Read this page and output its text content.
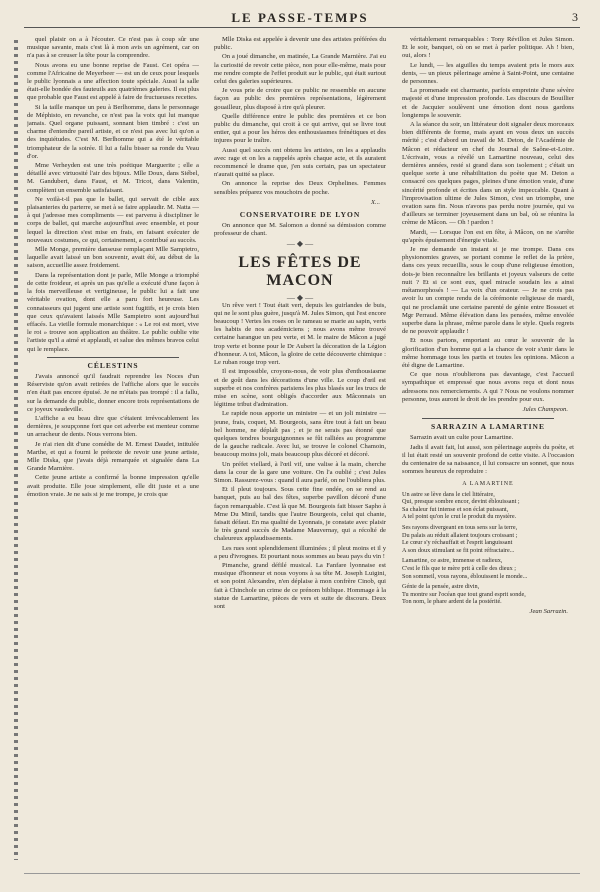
LE PASSE-TEMPS	3

quel plaisir on a à l'écouter. Ce n'est pas à coup sûr une musique savante, mais c'est là à mon avis un agrément, car on n'a pas à se creuser la tête pour la comprendre.

Nous avons eu une bonne reprise de Faust. Cet opéra — comme l'Africaine de Meyerbeer — est un de ceux pour lesquels le public lyonnais a une affection toute spéciale. Aussi la salle était-elle bondée des fauteuils aux quatrièmes galeries. Il est plus que probable que Faust est appelé à faire de fructueuses recettes.

Si la taille manque un peu à Berlhomme, dans le personnage de Méphisto, en revanche, ce n'est pas la voix qui lui manque jamais. Quel organe puissant, sonnant bien timbré : c'est un charme d'entendre pareil artiste, et ce n'est pas avec lui qu'on a des inquiétudes. C'est M. Berlhomme qui a été le véritable triomphateur de la soirée. Il lui a fallu bisser sa ronde du Veau d'or.

Mme Verheyden est une très poétique Marguerite ; elle a détaillé avec virtuosité l'air des bijoux. Mlle Doux, dans Siébel, M. Gandubert, dans Faust, et M. Tricot, dans Valentin, complètent un ensemble satisfaisant.

Ne voilà-t-il pas que le ballet, qui servait de cible aux plaisanteries du parterre, se met à se faire applaudir. M. Natta — à qui j'adresse mes compliments — est parvenu à discipliner le corps de ballet, qui marche aujourd'hui avec ensemble, et pour lequel la direction s'est mise en frais, en faisant exécuter de nouveaux costumes, ce qui, certainement, a contribué au succès.

Mlle Monge, première danseuse remplaçant Mlle Sampietro, laquelle avait laissé un bon souvenir, avait été, au début de la saison, accueillie assez froidement.

Dans la représentation dont je parle, Mlle Monge a triomphé de cette froideur, et après un pas qu'elle a exécuté d'une façon à la fois merveilleuse et vertigineuse, le public lui a fait une véritable ovation, dont elle a paru fort heureuse. Les connaisseurs qui jugent une artiste sont fugitifs, et je crois bien que ceux qu'avaient laissés Mlle Sampietro sont aujourd'hui effacés. La vieille formule monarchique : « Le roi est mort, vive le roi » trouve son application au théâtre. Le public oublie vite l'artiste qu'il a aimé et applaudi, et salue des mêmes bravos celui qui le remplace.

CÉLESTINS

J'avais annoncé qu'il faudrait reprendre les Noces d'un Réserviste qu'on avait retirées de l'affiche alors que le succès n'en était pas encore épuisé. Je ne m'étais pas trompé : il a fallu, sur la demande du public, donner encore trois représentations de ce joyeux vaudeville.

L'affiche a eu beau dire que c'étaient irrévocablement les dernières, je soupçonne fort que cet adverbe est menteur comme un arracheur de dents. Nous verrons bien.

Je n'ai rien dit d'une comédie de M. Ernest Daudet, intitulée Marthe, et qui a fourni le prétexte de revoir une jeune artiste, Mlle Diska, que j'avais déjà remarquée et signalée dans La Grande Marnière.

Cette jeune artiste a confirmé la bonne impression qu'elle avait produite. Elle joue simplement, elle dit juste et a une émotion vraie. Je ne sais si je me trompe, je crois que

Mlle Diska est appelée à devenir une des artistes préférées du public.

On a joué dimanche, en matinée, La Grande Marnière. J'ai eu la curiosité de revoir cette pièce, non pour elle-même, mais pour me rendre compte de l'effet produit sur le public, qui était surtout celui des galeries supérieures.

Je vous prie de croire que ce public ne ressemble en aucune façon au public des premières représentations, légèrement gouailleur, plus disposé à rire qu'à pleurer.

Quelle différence entre le public des premières et ce bon public du dimanche, qui croit à ce qui arrive, qui se livre tout entier, qui a pour les héros des enthousiasmes frénétiques et des injures pour le traître.

Aussi quel succès ont obtenu les artistes, on les a applaudis avec rage et on les a rappelés après chaque acte, et ils auraient recommencé le drame que, j'en suis certain, pas un spectateur n'aurait quitté sa place.

On annonce la reprise des Deux Orphelines. Femmes sensibles préparez vos mouchoirs de poche.

X...
CONSERVATOIRE DE LYON

On annonce que M. Salomon a donné sa démission comme professeur de chant.

— ◆ —
LES FÊTES DE MACON
— ◆ —

Un rêve vert ! Tout était vert, depuis les guirlandes de buis, qui ne le sont plus guère, jusqu'à M. Jules Simon, qui l'est encore beaucoup ! Vertes les roses on le rameau se marie au sapin, verts les habits de nos académiciens ; nous avons même trouvé certaine harangue un peu verte, et M. le maire de Mâcon a jugé trop verte et bonne pour le Dr Aubert la décoration de la Légion d'honneur. A toi, Mâcon, la gloire de cette découverte chimique : Le ruban rouge trop vert.

Il est impossible, croyons-nous, de voir plus d'enthousiasme et de goût dans les décorations d'une ville. Le coup d'œil est superbe et nos confrères parisiens les plus blasés sur les trucs de mise en scène, sont obligés d'accorder aux Mâconnais un légitime tribut d'admiration.

Le rapide nous apporte un ministre — et un joli ministre — jeune, frais, coquet, M. Bourgeois, sans être tout à fait un beau bel homme, ne déplaît pas ; et je ne serais pas étonné que quelques tendres bourguignonnes se fût ralliées au programme de la gauche radicale. Avec lui, se trouve le colonel Chamoin, beaucoup moins joli, mais beaucoup plus décoré et décoré.

Un préfet viellard, à l'œil vif, une valise à la main, cherche dans la cour de la gare une voiture. On l'a oublié ; c'est Jules Simon. Rassurez-vous : quand il aura parlé, on ne l'oubliera plus.

Et il pleut toujours. Sous cette fine ondée, on se rend au banquet, puis au bal des fêtes, superbe pavillon décoré d'une façon remarquable. C'est là que M. Bourgeois fait bisser Sapho à Mme Du Minil, tandis que l'autre Bourgeois, celui qui chante, faisait défaut. En ma qualité de Lyonnais, je constate avec plaisir le très grand succès de Madame Mauvernay, qui a récolté de chaleureux applaudissements.

Les rues sont splendidement illuminées ; il pleut moins et il y a peu d'ivrognes. Et pourtant nous sommes au beau pays du vin !

Pimanche, grand défilé musical. La Fanfare lyonnaise est musique d'honneur et nous voyons à sa tête M. Joseph Luigini, et son point Alexandre, n'en déplaise à mon confrère Cinob, qui fait à Chinchole un crime de ce prénom biblique. Hommage à la statue de Lamartine, pièces de vers et suite de discours. Deux sont

véritablement remarquables : Tony Révillon et Jules Simon. Et le soir, banquet, où on se met à parler politique. Ah ! bien, oui, alors !

Le lundi, — les aiguilles du temps avaient pris le mors aux dents, — un pieux pèlerinage amène à Saint-Point, une centaine de personnes.

La promenade est charmante, parfois empreinte d'une sévère majesté et d'une impression profonde. Les discours de Bouillier et de Jacquier soulèvent une émotion dont nous gardons longtemps le souvenir.

A la séance du soir, un littérateur doit signaler deux morceaux bien différents de forme, mais ayant en vous deux un succès mérité ; c'est d'abord un travail de M. Deton, de l'Académie de Mâcon et rédacteur en chef du Journal de Saône-et-Loire. L'écrivain, vous a révélé un Lamartine nouveau, celui des dernières années, resté si grand dans son isolement ; c'était un quelque sorte à une réhabilitation du poète que M. Deton a consacré ces quelques pages, pleines d'une émotion vraie, d'une sincérité profonde et écrites dans un style impeccable. Quant à l'improvisation ultime de Jules Simon, c'est un triomphe, une ovation sans fin. Nous n'avons pas perdu notre journée, qui va d'ailleurs se terminer joyeusement dans un bal, où se réunira la crème de Mâcon. — Oh ! pardon !

Mardi, — Lorsque l'on est en fête, à Mâcon, on ne s'arrête qu'après épuisement d'énergie vitale.

Je me demande un instant si je me trompe. Dans ces physionomies graves, se portant comme le reflet de la prière, dans ces yeux recueillis, sous le coup d'une religieuse émotion, dois-je bien reconnaître les brillants et joyeux valseurs de cette nuit ? Et si ce sont eux, quel miracle soudain les a ainsi métamorphosés ! — La voix d'un orateur. — Je ne crois pas avoir lu un compte rendu de la cérémonie religieuse de mardi, qui ne proclamât une certaine parenté de génie entre Bossuet et Mgr Perraud. Même élévation dans les pensées, même envolée superbe dans la phrase, même parole dans le style. Quels regrets de ne pouvoir applaudir !

Et nous partons, emportant au cœur le souvenir de la glorification d'un homme qui a la chance de voir s'unir dans le même hommage tous les partis et toutes les opinions. Mâcon a été digne de Lamartine.

Ce que nous n'oublierons pas davantage, c'est l'accueil sympathique et empressé que nous avons reçu et dont nous adressons nos remerciements. A qui ? Nous ne voulons nommer personne, tous auront le droit de les prendre pour eux.

Jules Champeon.
SARRAZIN A LAMARTINE

Sarrazin avait un culte pour Lamartine.

Jadis il avait fait, lui aussi, son pèlerinage auprès du poète, et il lui était resté un souvenir profond de cette visite. A l'occasion du centenaire de sa naissance, il lui consacre un sonnet, que nous sommes heureux de reproduire :

A LAMARTINE

Un astre se lève dans le ciel littéraire,

Qui, presque sombre encor, devint éblouissant ;

Sa chaleur fut intense et son éclat puissant,

A tel point qu'on le crut le produit du mystère.

Ses rayons divergeant en tous sens sur la terre,

Du palais au réduit allaient toujours croissant ;

Le cœur s'y réchauffait et l'esprit languissant

A son doux stimulant se fit point réfractaire...

Lamartine, ce astre, immense et radieux,

C'est le fils que te mère prit à celle des dieux ;

Son sommeil, vous rayons, éblouissent le monde...

Génie de la pensée, astre divin,

Tu montre sur l'océan que tout grand esprit sonde,

Ton nom, le phare ardent de la postérité.

Jean Sarrazin.
